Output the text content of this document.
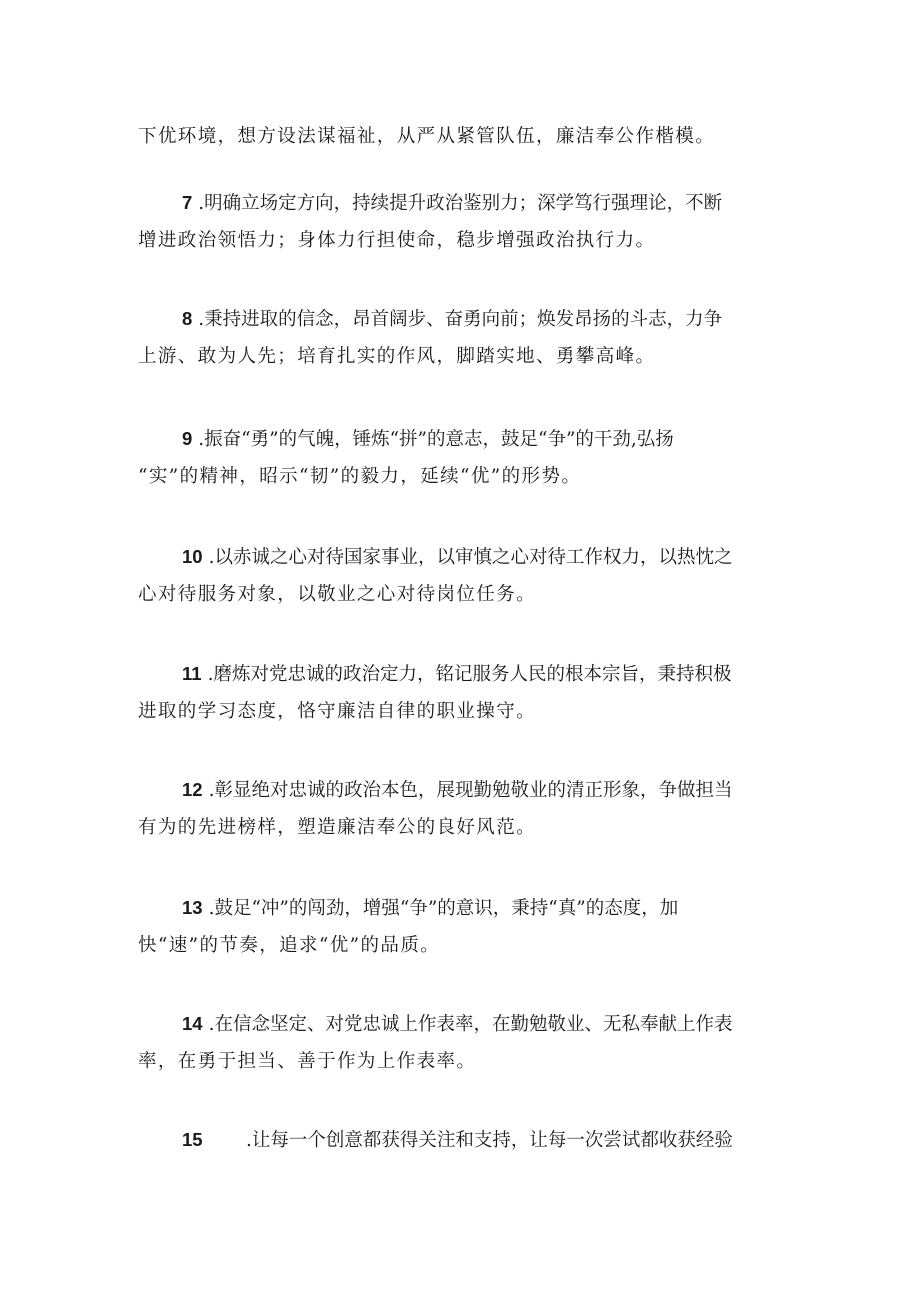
下优环境，想方设法谋福祉，从严从紧管队伍，廉洁奉公作楷模。

7 .明确立场定方向，持续提升政治鉴别力；深学笃行强理论，不断
增进政治领悟力；身体力行担使命，稳步增强政治执行力。

8 .秉持进取的信念，昂首阔步、奋勇向前；焕发昂扬的斗志，力争
上游、敢为人先；培育扎实的作风，脚踏实地、勇攀高峰。

9 .振奋“勇”的气魄，锤炼“拼”的意志，鼓足“争”的干劲,弘扬
“实”的精神，昭示“韧”的毅力，延续“优”的形势。

10 .以赤诚之心对待国家事业，以审慎之心对待工作权力，以热忱之
心对待服务对象，以敬业之心对待岗位任务。

11 .磨炼对党忠诚的政治定力，铭记服务人民的根本宗旨，秉持积极
进取的学习态度，恪守廉洁自律的职业操守。

12 .彰显绝对忠诚的政治本色，展现勤勉敬业的清正形象，争做担当
有为的先进榜样，塑造廉洁奉公的良好风范。

13 .鼓足“冲”的闯劲，增强“争”的意识，秉持“真”的态度，加
快“速”的节奏，追求“优”的品质。

14 .在信念坚定、对党忠诚上作表率，在勤勉敬业、无私奉献上作表
率，在勇于担当、善于作为上作表率。

15 .让每一个创意都获得关注和支持，让每一次尝试都收获经验
